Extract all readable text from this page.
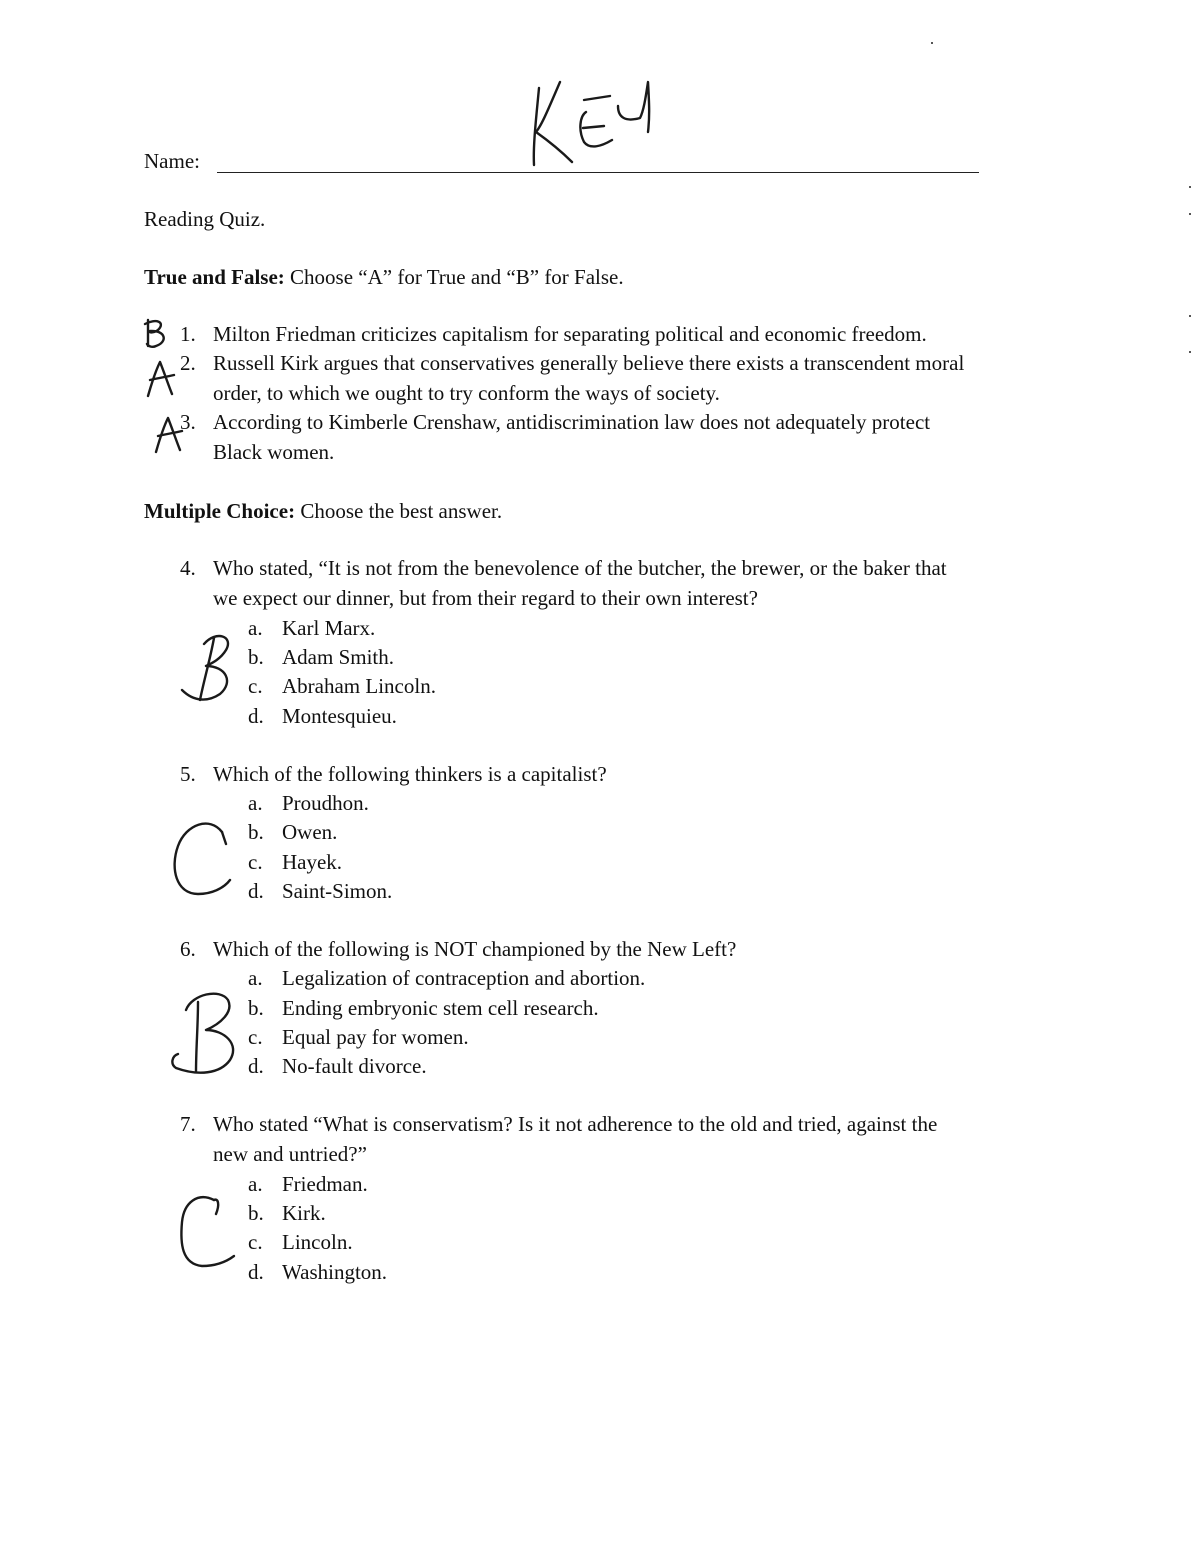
Name:
Reading Quiz.
True and False: Choose “A” for True and “B” for False.
1. Milton Friedman criticizes capitalism for separating political and economic freedom.
2. Russell Kirk argues that conservatives generally believe there exists a transcendent moral
order, to which we ought to try conform the ways of society.
3. According to Kimberle Crenshaw, antidiscrimination law does not adequately protect
Black women.
Multiple Choice: Choose the best answer.
4. Who stated, “It is not from the benevolence of the butcher, the brewer, or the baker that
we expect our dinner, but from their regard to their own interest?
a. Karl Marx.
b. Adam Smith.
c. Abraham Lincoln.
d. Montesquieu.
5. Which of the following thinkers is a capitalist?
a. Proudhon.
b. Owen.
c. Hayek.
d. Saint-Simon.
6. Which of the following is NOT championed by the New Left?
a. Legalization of contraception and abortion.
b. Ending embryonic stem cell research.
c. Equal pay for women.
d. No-fault divorce.
7. Who stated “What is conservatism? Is it not adherence to the old and tried, against the
new and untried?”
a. Friedman.
b. Kirk.
c. Lincoln.
d. Washington.
